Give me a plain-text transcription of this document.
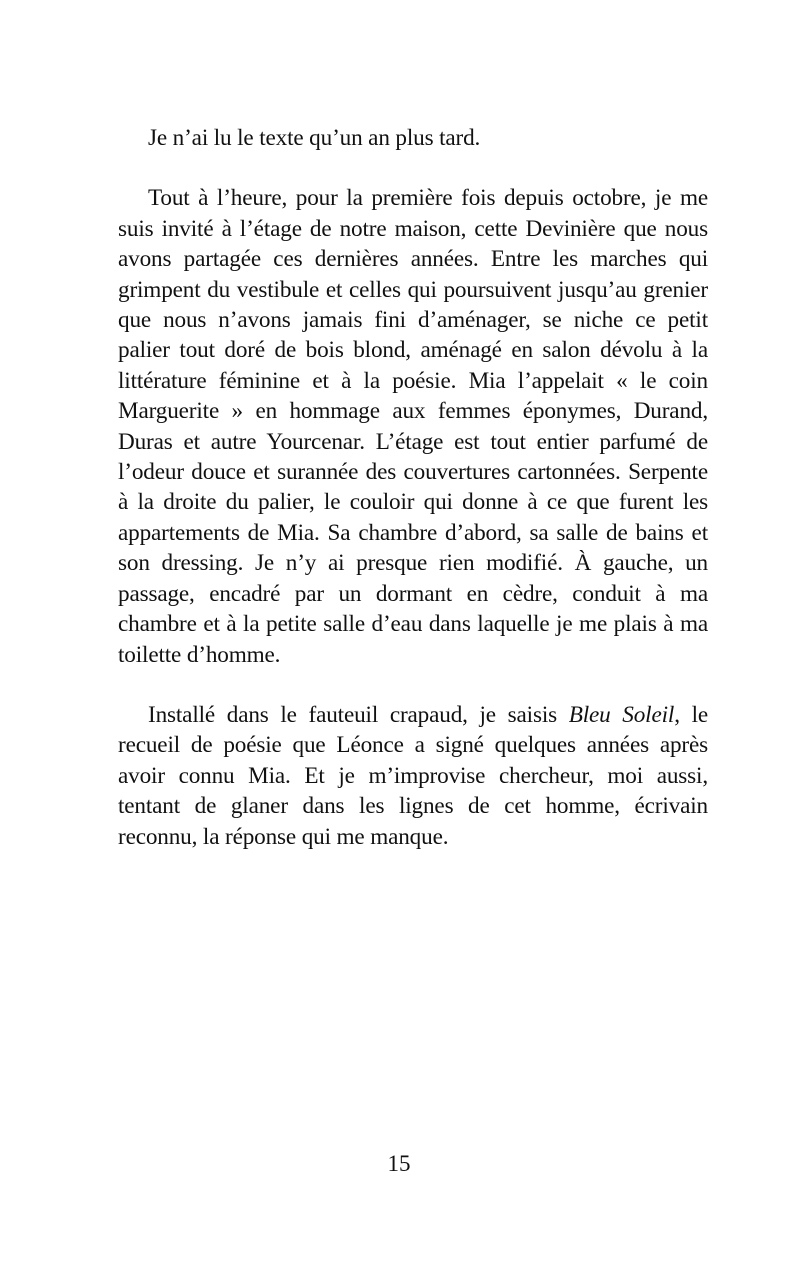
Je n’ai lu le texte qu’un an plus tard.

Tout à l’heure, pour la première fois depuis octobre, je me suis invité à l’étage de notre maison, cette Devinière que nous avons partagée ces dernières années. Entre les marches qui grimpent du vestibule et celles qui poursuivent jusqu’au grenier que nous n’avons jamais fini d’aménager, se niche ce petit palier tout doré de bois blond, aménagé en salon dévolu à la littérature féminine et à la poésie. Mia l’appelait « le coin Marguerite » en hommage aux femmes éponymes, Durand, Duras et autre Yourcenar. L’étage est tout entier parfumé de l’odeur douce et surannée des couvertures cartonnées. Serpente à la droite du palier, le couloir qui donne à ce que furent les appartements de Mia. Sa chambre d’abord, sa salle de bains et son dressing. Je n’y ai presque rien modifié. À gauche, un passage, encadré par un dormant en cèdre, conduit à ma chambre et à la petite salle d’eau dans laquelle je me plais à ma toilette d’homme.

Installé dans le fauteuil crapaud, je saisis Bleu Soleil, le recueil de poésie que Léonce a signé quelques années après avoir connu Mia. Et je m’improvise chercheur, moi aussi, tentant de glaner dans les lignes de cet homme, écrivain reconnu, la réponse qui me manque.

15
